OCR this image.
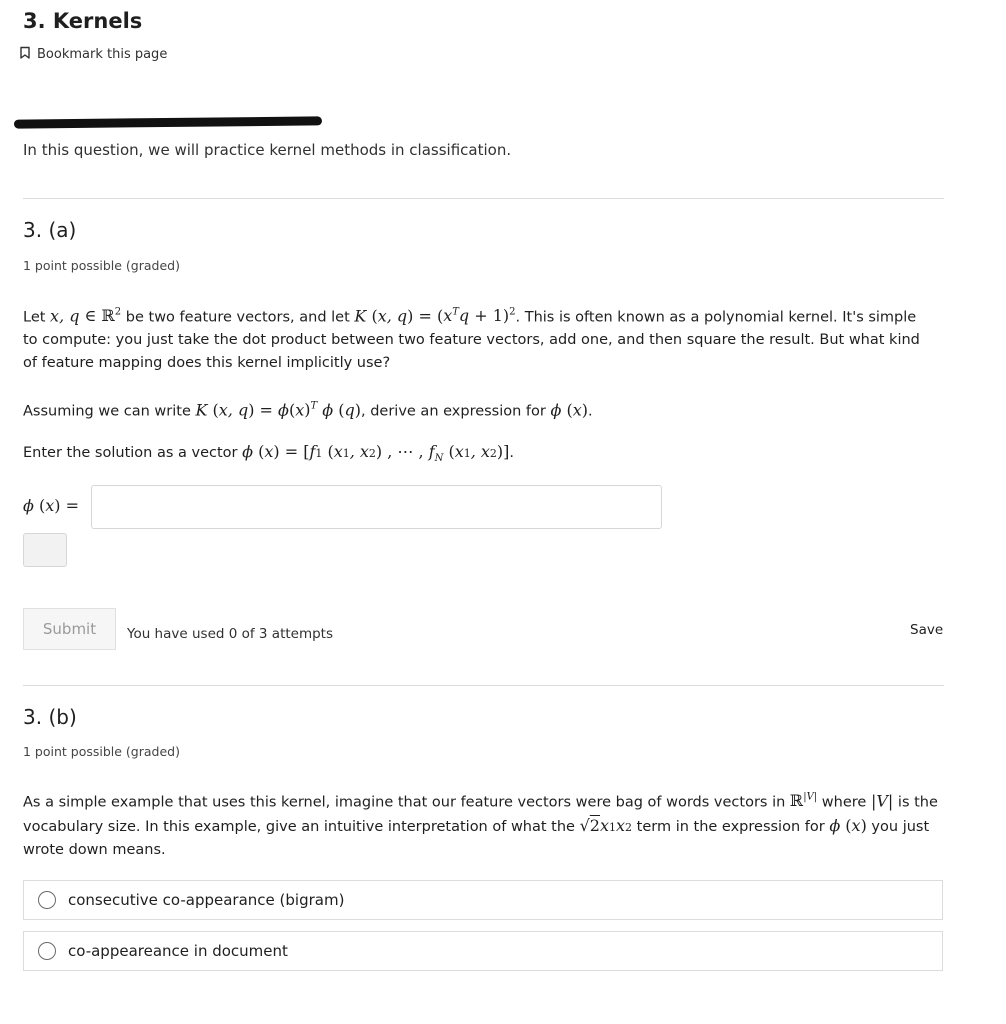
3. Kernels
Bookmark this page
In this question, we will practice kernel methods in classification.
3. (a)
1 point possible (graded)
Let x, q ∈ ℝ$^2$ be two feature vectors, and let K (x, $q) = (x^Tq + 1)^2$. This is often known as a polynomial kernel. It's simple to compute: you just take the dot product between two feature vectors, add one, and then square the result. But what kind of feature mapping does this kernel implicitly use?
Assuming we can write K (x, $q) = \phi(x)^T$ ϕ (q), derive an expression for ϕ (x).
Enter the solution as a vector ϕ (x) = [f1 (x1, x2) , ⋯ , $f_N$ (x1, x2)].
ϕ (x) =
Submit	You have used 0 of 3 attempts	Save
3. (b)
1 point possible (graded)
As a simple example that uses this kernel, imagine that our feature vectors were bag of words vectors in ℝ$^{|V|}$ where |V| is the vocabulary size. In this example, give an intuitive interpretation of what the √2x1x2 term in the expression for ϕ (x) you just wrote down means.
consecutive co-appearance (bigram)
co-appeareance in document
